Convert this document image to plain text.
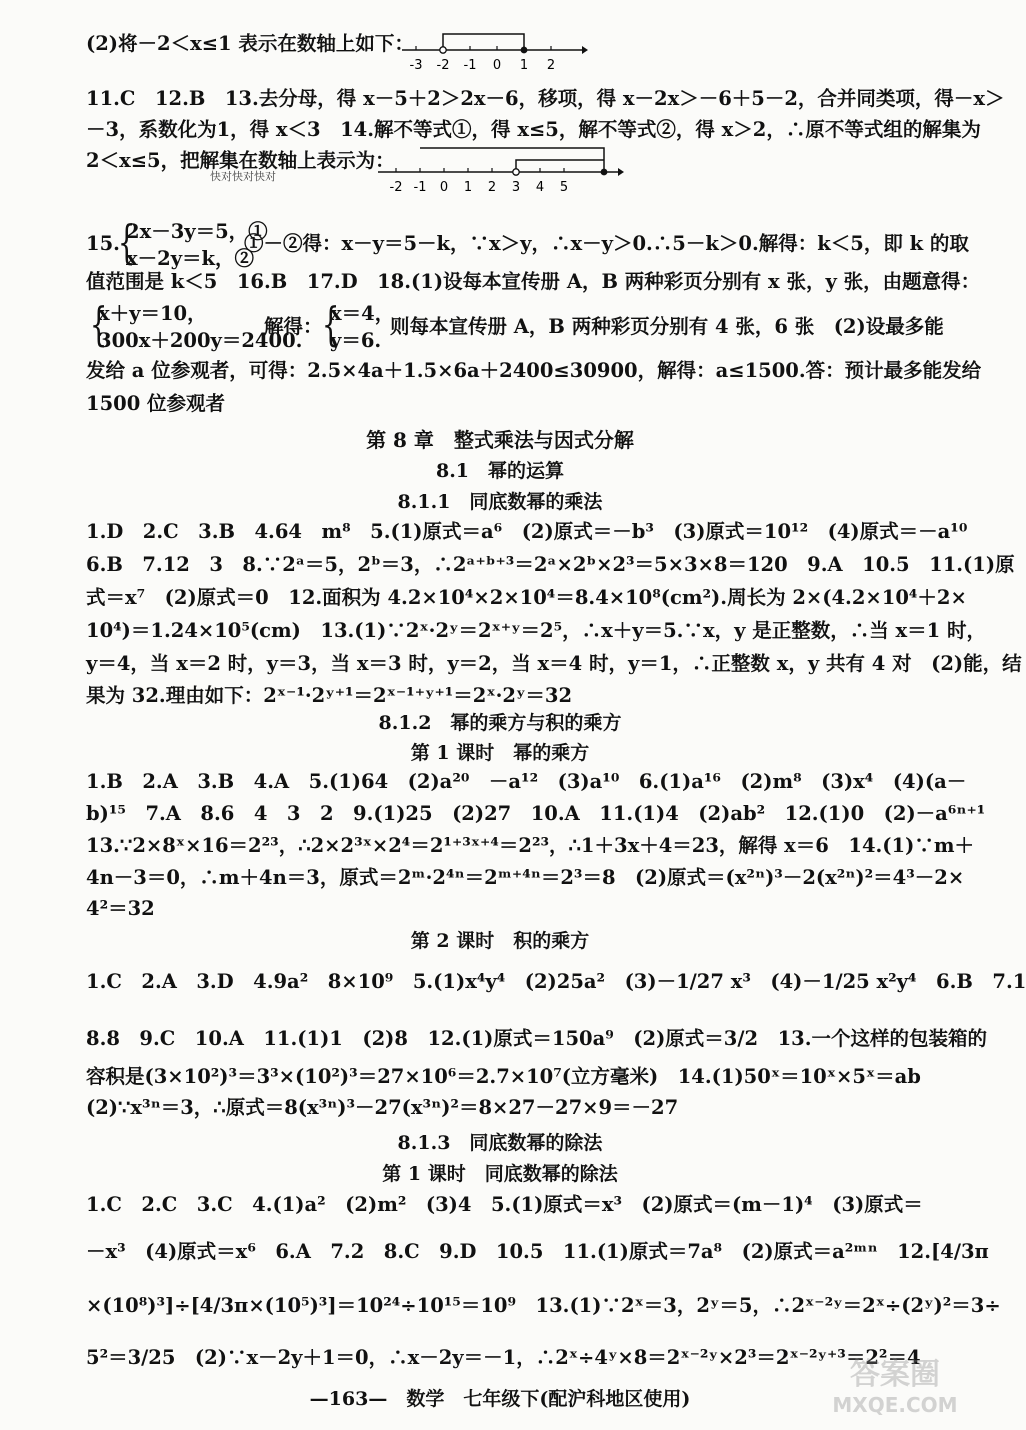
(2)将－2＜x≤1 表示在数轴上如下：
-3 -2 -1 0 1 2
11.C　12.B　13.去分母，得 x－5＋2＞2x－6，移项，得 x－2x＞－6＋5－2，合并同类项，得－x＞
－3，系数化为1，得 x＜3　14.解不等式①，得 x≤5，解不等式②，得 x＞2，∴原不等式组的解集为
2＜x≤5，把解集在数轴上表示为：
快对快对快对
-2 -1 0 1 2 3 4 5
15.
{
2x－3y＝5，①
x－2y＝k，②
①－②得：x－y＝5－k，∵x＞y，∴x－y＞0.∴5－k＞0.解得：k＜5，即 k 的取
值范围是 k＜5　16.B　17.D　18.(1)设每本宣传册 A，B 两种彩页分别有 x 张，y 张，由题意得：
{
x＋y＝10，
300x＋200y＝2400.
解得： {
x＝4，
y＝6.
则每本宣传册 A，B 两种彩页分别有 4 张，6 张　(2)设最多能
发给 a 位参观者，可得：2.5×4a＋1.5×6a＋2400≤30900，解得：a≤1500.答：预计最多能发给
1500 位参观者
第 8 章　整式乘法与因式分解
8.1　幂的运算
8.1.1　同底数幂的乘法
1.D　2.C　3.B　4.64　m⁸　5.(1)原式＝a⁶　(2)原式＝－b³　(3)原式＝10¹²　(4)原式＝－a¹⁰
6.B　7.12　3　8.∵2ᵃ＝5，2ᵇ＝3，∴2ᵃ⁺ᵇ⁺³＝2ᵃ×2ᵇ×2³＝5×3×8＝120　9.A　10.5　11.(1)原
式＝x⁷　(2)原式＝0　12.面积为 4.2×10⁴×2×10⁴＝8.4×10⁸(cm²).周长为 2×(4.2×10⁴＋2×
10⁴)＝1.24×10⁵(cm)　13.(1)∵2ˣ·2ʸ＝2ˣ⁺ʸ＝2⁵，∴x＋y＝5.∵x，y 是正整数，∴当 x＝1 时，
y＝4，当 x＝2 时，y＝3，当 x＝3 时，y＝2，当 x＝4 时，y＝1，∴正整数 x，y 共有 4 对　(2)能，结
果为 32.理由如下：2ˣ⁻¹·2ʸ⁺¹＝2ˣ⁻¹⁺ʸ⁺¹＝2ˣ·2ʸ＝32
8.1.2　幂的乘方与积的乘方
第 1 课时　幂的乘方
1.B　2.A　3.B　4.A　5.(1)64　(2)a²⁰　－a¹²　(3)a¹⁰　6.(1)a¹⁶　(2)m⁸　(3)x⁴　(4)(a－
b)¹⁵　7.A　8.6　4　3　2　9.(1)25　(2)27　10.A　11.(1)4　(2)ab²　12.(1)0　(2)－a⁶ⁿ⁺¹
13.∵2×8ˣ×16＝2²³，∴2×2³ˣ×2⁴＝2¹⁺³ˣ⁺⁴＝2²³，∴1＋3x＋4＝23，解得 x＝6　14.(1)∵m＋
4n－3＝0，∴m＋4n＝3，原式＝2ᵐ·2⁴ⁿ＝2ᵐ⁺⁴ⁿ＝2³＝8　(2)原式＝(x²ⁿ)³－2(x²ⁿ)²＝4³－2×
4²＝32
第 2 课时　积的乘方
1.C　2.A　3.D　4.9a²　8×10⁹　5.(1)x⁴y⁴　(2)25a²　(3)－1/27 x³　(4)－1/25 x²y⁴　6.B　7.1
8.8　9.C　10.A　11.(1)1　(2)8　12.(1)原式＝150a⁹　(2)原式＝3/2　13.一个这样的包装箱的
容积是(3×10²)³＝3³×(10²)³＝27×10⁶＝2.7×10⁷(立方毫米)　14.(1)50ˣ＝10ˣ×5ˣ＝ab
(2)∵x³ⁿ＝3，∴原式＝8(x³ⁿ)³－27(x³ⁿ)²＝8×27－27×9＝－27
8.1.3　同底数幂的除法
第 1 课时　同底数幂的除法
1.C　2.C　3.C　4.(1)a²　(2)m²　(3)4　5.(1)原式＝x³　(2)原式＝(m－1)⁴　(3)原式＝
－x³　(4)原式＝x⁶　6.A　7.2　8.C　9.D　10.5　11.(1)原式＝7a⁸　(2)原式＝a²ᵐⁿ　12.[4/3π
×(10⁸)³]÷[4/3π×(10⁵)³]＝10²⁴÷10¹⁵＝10⁹　13.(1)∵2ˣ＝3，2ʸ＝5，∴2ˣ⁻²ʸ＝2ˣ÷(2ʸ)²＝3÷
5²＝3/25　(2)∵x－2y＋1＝0，∴x－2y＝－1，∴2ˣ÷4ʸ×8＝2ˣ⁻²ʸ×2³＝2ˣ⁻²ʸ⁺³＝2²＝4
—163—　数学　七年级下(配沪科地区使用)
答案圈
MXQE.COM
